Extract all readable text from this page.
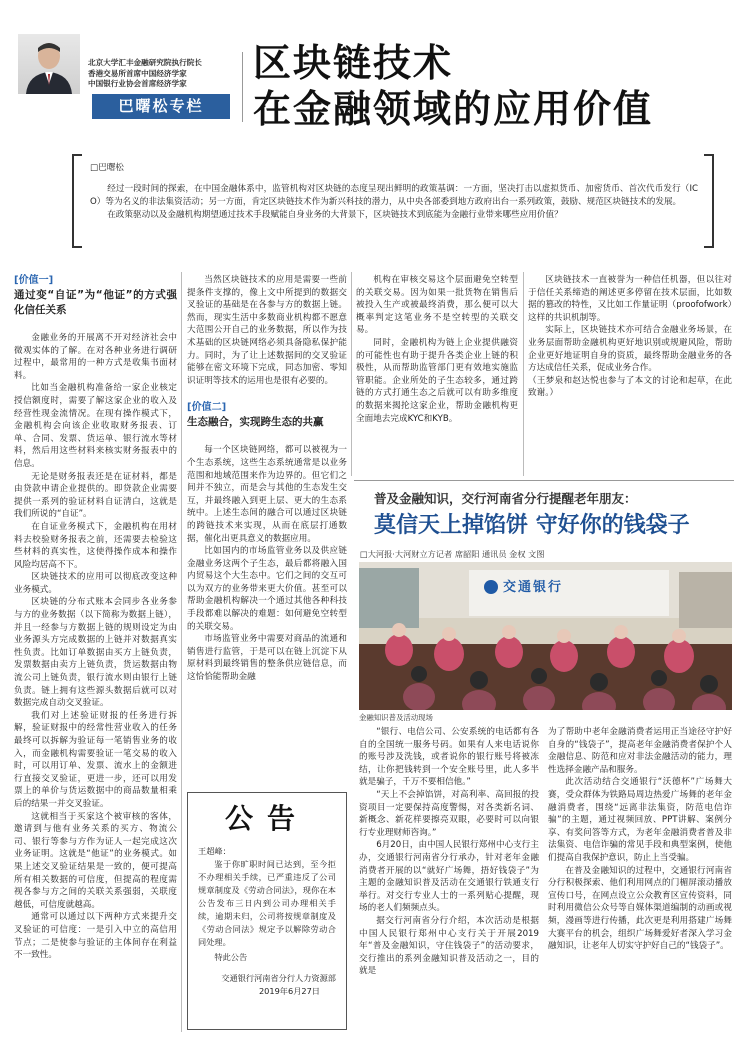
北京大学汇丰金融研究院执行院长
香港交易所首席中国经济学家
中国银行业协会首席经济学家
巴曙松专栏
区块链技术
在金融领域的应用价值
□巴曙松

经过一段时间的探索，在中国金融体系中，监管机构对区块链的态度呈现出鲜明的政策基调：一方面，坚决打击以虚拟货币、加密货币、首次代币发行（ICO）等为名义的非法集资活动；另一方面，肯定区块链技术作为新兴科技的潜力，从中央各部委到地方政府出台一系列政策，鼓励、规范区块链技术的发展。

在政策驱动以及金融机构期望通过技术手段赋能自身业务的大背景下，区块链技术到底能为金融行业带来哪些应用价值？

[价值一]
通过变“自证”为“他证”的方式强化信任关系

金融业务的开展离不开对经济社会中微观实体的了解。在对各种业务进行调研过程中，最常用的一种方式是收集书面材料。

比如当金融机构准备给一家企业核定授信额度时，需要了解这家企业的收入及经营性现金流情况。在现有操作模式下，金融机构会向该企业收取财务报表、订单、合同、发票、货运单、银行流水等材料，然后用这些材料来核实财务报表中的信息。

无论是财务报表还是在证材料，都是由贷款申请企业提供的。即贷款企业需要提供一系列的验证材料自证清白，这就是我们所说的“自证”。

在自证业务模式下，金融机构在用材料去校验财务报表之前，还需要去检验这些材料的真实性，这使得操作成本和操作风险均居高不下。

区块链技术的应用可以彻底改变这种业务模式。

区块链的分布式账本会同步各业务参与方的业务数据（以下简称为数据上链），并且一经参与方数据上链的规则设定为由业务源头方完成数据的上链并对数据真实性负责。比如订单数据由买方上链负责，发票数据由卖方上链负责，货运数据由物流公司上链负责，银行流水则由银行上链负责。链上拥有这些源头数据后就可以对数据完成自动交叉验证。

我们对上述验证财报的任务进行拆解，验证财报中的经常性营业收入的任务最终可以拆解为验证每一笔销售业务的收入，而金融机构需要验证一笔交易的收入时，可以用订单、发票、流水上的金额进行直接交叉验证，更进一步，还可以用发票上的单价与货运数据中的商品数量相乘后的结果一并交叉验证。

这就相当于买家这个被审核的客体，邀请到与他有业务关系的买方、物流公司、银行等参与方作为证人一起完成这次业务证明。这就是“他证”的业务模式。如果上述交叉验证结果是一致的，便可提高所有相关数据的可信度，但提高的程度需视各参与方之间的关联关系强弱，关联度越低，可信度就越高。

通常可以通过以下两种方式来提升交叉验证的可信度：一是引入中立的高信用节点；二是使参与验证的主体间存在利益不一致性。

当然区块链技术的应用是需要一些前提条件支撑的，像上文中所提到的数据交叉验证的基础是在各参与方的数据上链。然而，现实生活中多数商业机构都不愿意大范围公开自己的业务数据，所以作为技术基础的区块链网络必须具备隐私保护能力。同时，为了让上述数据间的交叉验证能够在密文环境下完成，同态加密、零知识证明等技术的运用也是很有必要的。

[价值二]
生态融合，实现跨生态的共赢

每一个区块链网络，都可以被视为一个生态系统，这些生态系统通常是以业务范围和地域范围来作为边界的。但它们之间并不独立，而是会与其他的生态发生交互，并最终融入到更上层、更大的生态系统中。上述生态间的融合可以通过区块链的跨链技术来实现，从而在底层打通数据，催化出更具意义的数据应用。

比如国内的市场监管业务以及供应链金融业务这两个子生态，最后都将融入国内贸易这个大生态中。它们之间的交互可以为双方的业务带来更大价值。甚至可以帮助金融机构解决一个通过其他各种科技手段都难以解决的难题：如何避免空转型的关联交易。

市场监管业务中需要对商品的流通和销售进行监管，于是可以在链上沉淀下从原材料到最终销售的整条供应链信息，而这恰恰能帮助金融

机构在审核交易这个层面避免空转型的关联交易。因为如果一批货物在销售后被投入生产或被最终消费，那么便可以大概率判定这笔业务不是空转型的关联交易。

同时，金融机构为链上企业提供融资的可能性也有助于提升各类企业上链的积极性，从而帮助监管部门更有效地实施监管职能。企业所处的子生态较多，通过跨链的方式打通生态之后就可以有助多维度的数据来揭抡这家企业，帮助金融机构更全面地去完成KYC和KYB。

区块链技术一直被誉为一种信任机器，但以往对于信任关系缔造的阐述更多停留在技术层面，比如数据的篡改的特性，又比如工作量证明（proofofwork）这样的共识机制等。

实际上，区块链技术亦可结合金融业务场景，在业务层面帮助金融机构更好地识别或规避风险，帮助企业更好地证明自身的资质，最终帮助金融业务的各方达成信任关系，促成业务合作。

（王梦泉和赵达悦也参与了本文的讨论和起草，在此致谢。）

公告
王超峰：

鉴于你旷职时间已达到，至今拒不办理相关手续，已严重违反了公司规章制度及《劳动合同法》，现你在本公告发布三日内到公司办理相关手续，逾期未归，公司将按规章制度及《劳动合同法》规定予以解除劳动合同处理。

特此公告

交通银行河南省分行人力资源部
2019年6月27日
普及金融知识，交行河南省分行提醒老年朋友：
莫信天上掉馅饼 守好你的钱袋子
□大河报·大河财立方记者 席韶阳 通讯员 金权 文图
交通银行
金融知识普及活动现场

“银行、电信公司、公安系统的电话都有各自的全国统一服务号码。如果有人来电话说你的账号涉及洗钱，或者说你的银行账号将被冻结，让你把钱转到一个安全账号里，此人多半就是骗子，千万不要相信他。”

“天上不会掉馅饼，对高利率、高回报的投资项目一定要保持高度警惕，对各类新名词、新概念、新花样要擦亮双眼，必要时可以向银行专业理财师咨询。”

6月20日，由中国人民银行郑州中心支行主办，交通银行河南省分行承办，针对老年金融消费者开展的以“就好广场舞，捂好钱袋子”为主题的金融知识普及活动在交通银行铁通支行举行。对交行专业人士的一系列贴心提醒，现场的老人们频频点头。

据交行河南省分行介绍，本次活动是根据中国人民银行郑州中心支行关于开展2019年“普及金融知识，守住钱袋子”的活动要求，交行推出的系列金融知识普及活动之一，目的就是

为了帮助中老年金融消费者运用正当途径守护好自身的“钱袋子”，提高老年金融消费者保护个人金融信息、防范和应对非法金融活动的能力，理性选择金融产品和服务。

此次活动结合交通银行“沃德杯”广场舞大赛，受众群体为铁路局周边热爱广场舞的老年金融消费者，围绕“远离非法集资，防范电信诈骗”的主题，通过视频回放、PPT讲解、案例分享、有奖问答等方式，为老年金融消费者普及非法集资、电信诈骗的常见手段和典型案例，使他们提高自我保护意识，防止上当受骗。

在普及金融知识的过程中，交通银行河南省分行积极探索、他们利用网点的门楣屏滚动播放宣传口号，在网点设立公众教育区宣传资料，同时利用微信公众号等自媒体渠道编制的动画或视频，漫画等进行传播，此次更是利用搭建广场舞大赛平台的机会，组织广场舞爱好者深入学习金融知识，让老年人切实守护好自己的“钱袋子”。
